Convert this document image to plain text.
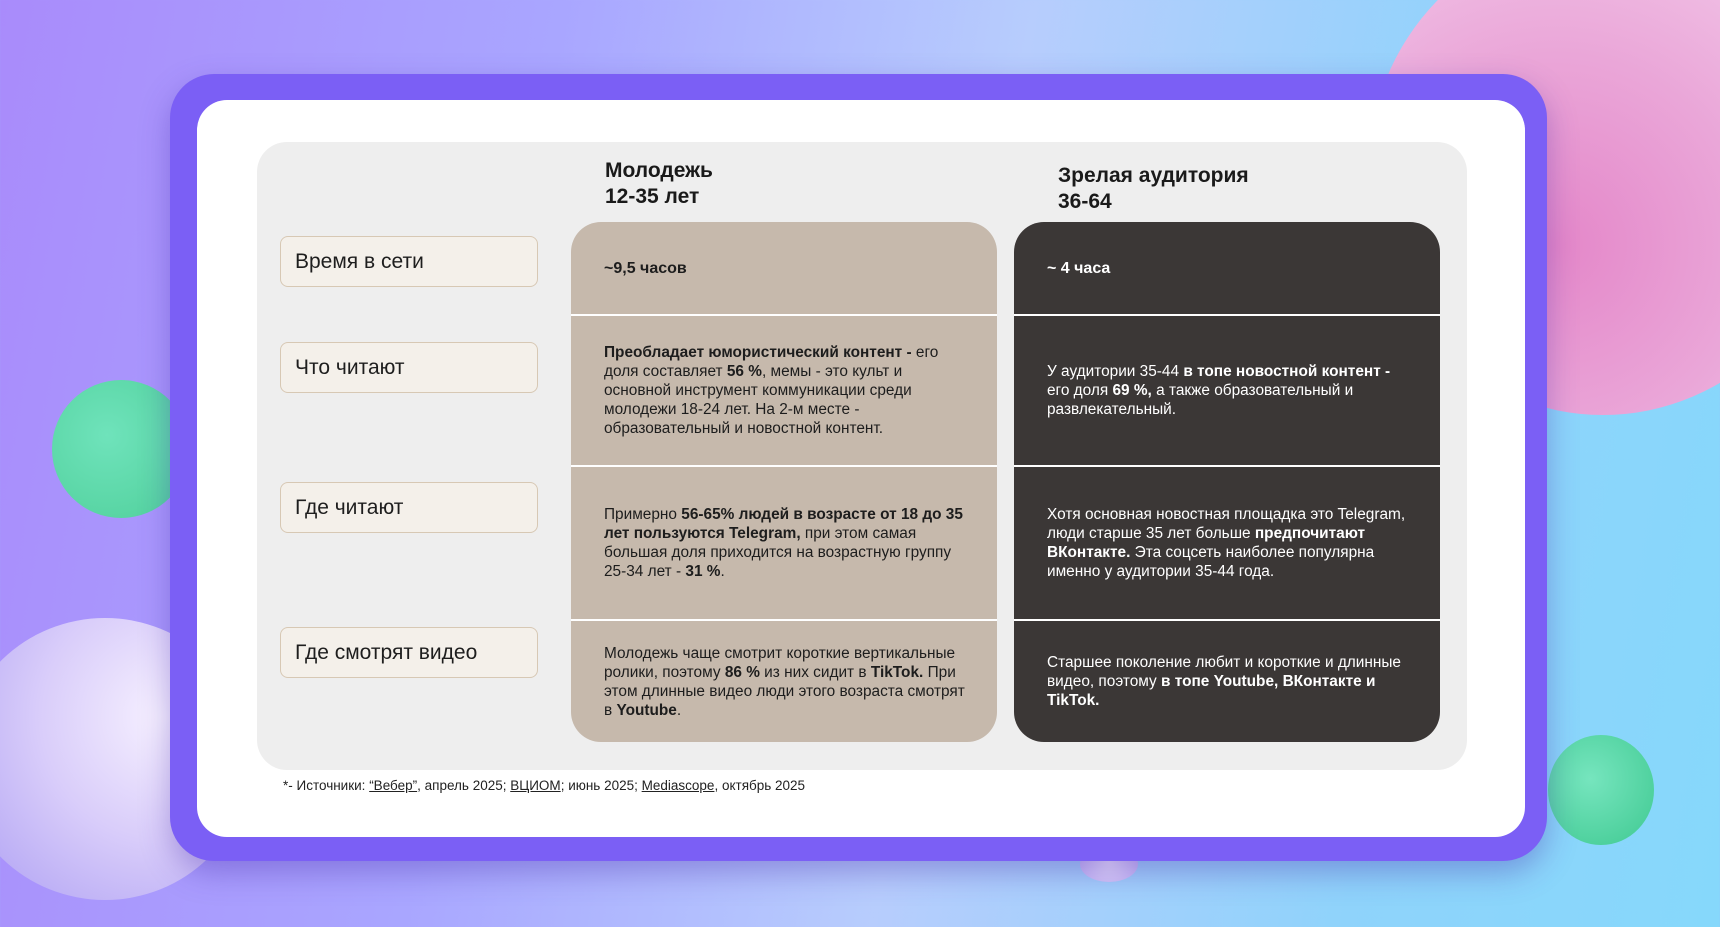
Молодежь
12-35 лет
Зрелая аудитория
36-64
Время в сети
Что читают
Где читают
Где смотрят видео
~9,5 часов
Преобладает юмористический контент - его доля составляет 56 %, мемы - это культ и основной инструмент коммуникации среди молодежи 18-24 лет. На 2-м месте - образовательный и новостной контент.
Примерно 56-65% людей в возрасте от 18 до 35 лет пользуются Telegram, при этом самая большая доля приходится на возрастную группу 25-34 лет - 31 %.
Молодежь чаще смотрит короткие вертикальные ролики, поэтому 86 % из них сидит в TikTok. При этом длинные видео люди этого возраста смотрят в Youtube.
~ 4 часа
У аудитории 35-44 в топе новостной контент - его доля 69 %, а также образовательный и развлекательный.
Хотя основная новостная площадка это Telegram, люди старше 35 лет больше предпочитают ВКонтакте. Эта соцсеть наиболее популярна именно у аудитории 35-44 года.
Старшее поколение любит и короткие и длинные видео, поэтому в топе Youtube, ВКонтакте и TikTok.
*- Источники: “Вебер”, апрель 2025; ВЦИОМ; июнь 2025; Mediascope, октябрь 2025
